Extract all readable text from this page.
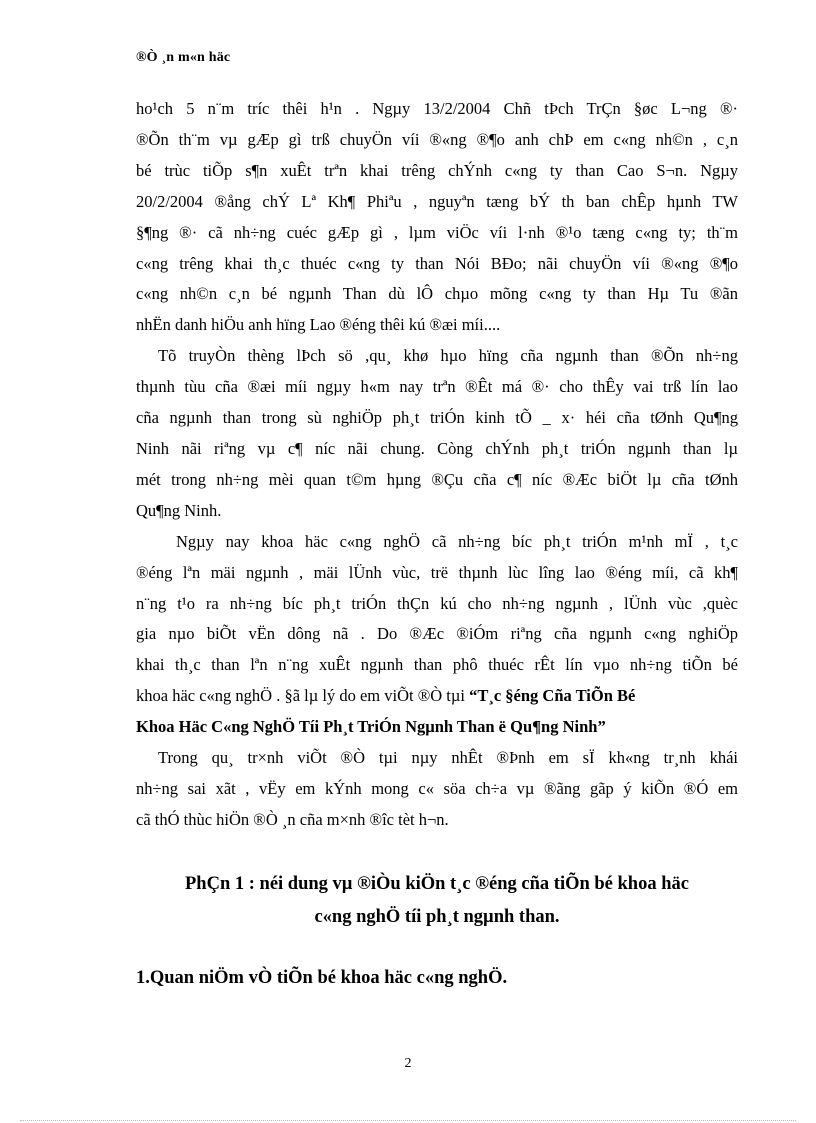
®Ò ¸n m«n häc
ho¹ch 5 n¨m tríc thêi h¹n . Ngµy 13/2/2004 Chñ tÞch TrÇn §øc L¬ng ®·
®Õn th¨m vµ gÆp gì trß chuyÖn víi ®«ng ®¶o anh chÞ em c«ng nh©n , c¸n
bé trùc tiÕp s¶n xuÊt trªn khai trêng chÝnh c«ng ty than Cao S¬n. Ngµy
20/2/2004 ®ång chÝ Lª Kh¶ Phiªu , nguyªn tæng bÝ th ban chÊp hµnh TW
§¶ng ®· cã nh÷ng cuéc gÆp gì , lµm viÖc víi l·nh ®¹o tæng c«ng ty; th¨m
c«ng trêng khai th¸c thuéc c«ng ty than Nói BÐo; nãi chuyÖn víi ®«ng ®¶o
c«ng nh©n c¸n bé ngµnh Than dù lÔ chµo mõng c«ng ty than Hµ Tu ®ãn
nhËn danh hiÖu anh hïng Lao ®éng thêi kú ®æi míi....
Tõ truyÒn thèng lÞch sö ,qu¸ khø hµo hïng cña ngµnh than ®Õn nh÷ng
thµnh tùu cña ®æi míi ngµy h«m nay trªn ®Êt má ®· cho thÊy vai trß lín lao
cña ngµnh than trong sù nghiÖp ph¸t triÓn kinh tÕ _ x· héi cña tØnh Qu¶ng
Ninh nãi riªng vµ c¶ níc nãi chung. Còng chÝnh ph¸t triÓn ngµnh than lµ
mét trong nh÷ng mèi quan t©m hµng ®Çu cña c¶ níc ®Æc biÖt lµ cña tØnh
Qu¶ng Ninh.
Ngµy nay khoa häc c«ng nghÖ cã nh÷ng bíc ph¸t triÓn m¹nh mÏ , t¸c
®éng lªn mäi ngµnh , mäi lÜnh vùc, trë thµnh lùc lîng lao ®éng míi, cã kh¶
n¨ng t¹o ra nh÷ng bíc ph¸t triÓn thÇn kú cho nh÷ng ngµnh , lÜnh vùc ,quèc
gia nµo biÕt vËn dông nã . Do ®Æc ®iÓm riªng cña ngµnh c«ng nghiÖp
khai th¸c than lªn n¨ng xuÊt ngµnh than phô thuéc rÊt lín vµo nh÷ng tiÕn bé
khoa häc c«ng nghÖ . §ã lµ lý do em viÕt ®Ò tµi “T¸c §éng Cña TiÕn Bé
Khoa Häc C«ng NghÖ Tíi Ph¸t TriÓn Ngµnh Than ë Qu¶ng Ninh”
Trong qu¸ tr×nh viÕt ®Ò tµi nµy nhÊt ®Þnh em sÏ kh«ng tr¸nh khái
nh÷ng sai xãt , vËy em kÝnh mong c« söa ch÷a vµ ®ãng gãp ý kiÕn ®Ó em
cã thÓ thùc hiÖn ®Ò ¸n cña m×nh ®îc tèt h¬n.
PhÇn 1 : néi dung vµ ®iÒu kiÖn t¸c ®éng cña tiÕn bé khoa häc
c«ng nghÖ tíi ph¸t ngµnh than.
1.Quan niÖm vÒ tiÕn bé khoa häc c«ng nghÖ.
2
